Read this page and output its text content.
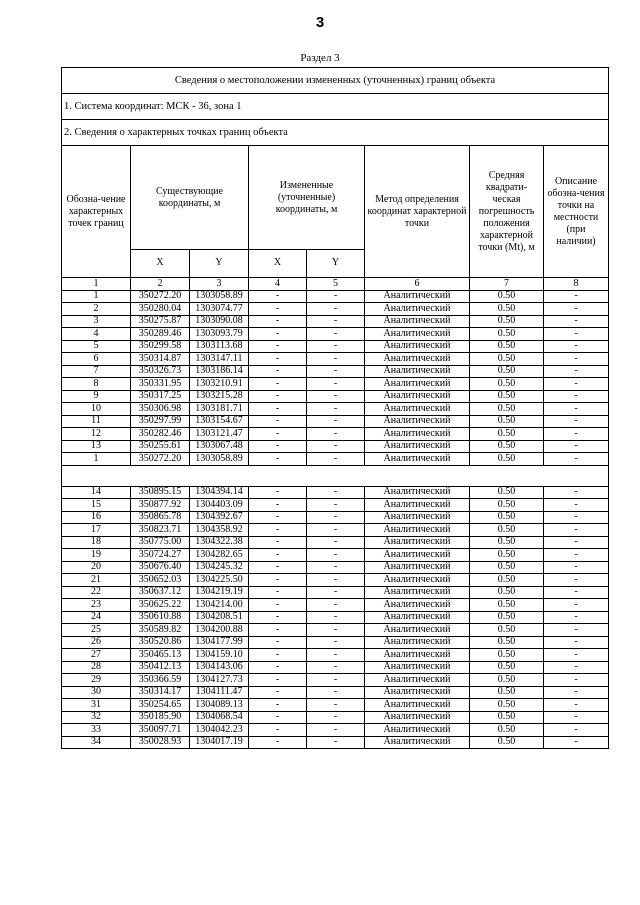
3
Раздел 3
Сведения о местоположении измененных (уточненных) границ объекта							
1. Система координат: МСК - 36, зона 1							
2. Сведения о характерных точках границ объекта							
Обозна-чение характерных точек границ	Существующие координаты, м		Измененные (уточненные) координаты, м		Метод определения координат характерной точки	Средняя квадрати-ческая погрешность положения характерной точки (Mt), м	Описание обозна-чения точки на местности (при наличии)
	X	Y	X	Y			
1	2	3	4	5	6	7	8
1	350272.20	1303058.89	-	-	Аналитический	0.50	-
2	350280.04	1303074.77	-	-	Аналитический	0.50	-
3	350275.87	1303090.08	-	-	Аналитический	0.50	-
4	350289.46	1303093.79	-	-	Аналитический	0.50	-
5	350299.58	1303113.68	-	-	Аналитический	0.50	-
6	350314.87	1303147.11	-	-	Аналитический	0.50	-
7	350326.73	1303186.14	-	-	Аналитический	0.50	-
8	350331.95	1303210.91	-	-	Аналитический	0.50	-
9	350317.25	1303215.28	-	-	Аналитический	0.50	-
10	350306.98	1303181.71	-	-	Аналитический	0.50	-
11	350297.99	1303154.67	-	-	Аналитический	0.50	-
12	350282.46	1303121.47	-	-	Аналитический	0.50	-
13	350255.61	1303067.48	-	-	Аналитический	0.50	-
1	350272.20	1303058.89	-	-	Аналитический	0.50	-

14	350895.15	1304394.14	-	-	Аналитический	0.50	-
15	350877.92	1304403.09	-	-	Аналитический	0.50	-
16	350865.78	1304392.67	-	-	Аналитический	0.50	-
17	350823.71	1304358.92	-	-	Аналитический	0.50	-
18	350775.00	1304322.38	-	-	Аналитический	0.50	-
19	350724.27	1304282.65	-	-	Аналитический	0.50	-
20	350676.40	1304245.32	-	-	Аналитический	0.50	-
21	350652.03	1304225.50	-	-	Аналитический	0.50	-
22	350637.12	1304219.19	-	-	Аналитический	0.50	-
23	350625.22	1304214.00	-	-	Аналитический	0.50	-
24	350610.88	1304208.51	-	-	Аналитический	0.50	-
25	350589.82	1304200.88	-	-	Аналитический	0.50	-
26	350520.86	1304177.99	-	-	Аналитический	0.50	-
27	350465.13	1304159.10	-	-	Аналитический	0.50	-
28	350412.13	1304143.06	-	-	Аналитический	0.50	-
29	350366.59	1304127.73	-	-	Аналитический	0.50	-
30	350314.17	1304111.47	-	-	Аналитический	0.50	-
31	350254.65	1304089.13	-	-	Аналитический	0.50	-
32	350185.90	1304068.54	-	-	Аналитический	0.50	-
33	350097.71	1304042.23	-	-	Аналитический	0.50	-
34	350028.93	1304017.19	-	-	Аналитический	0.50	-
